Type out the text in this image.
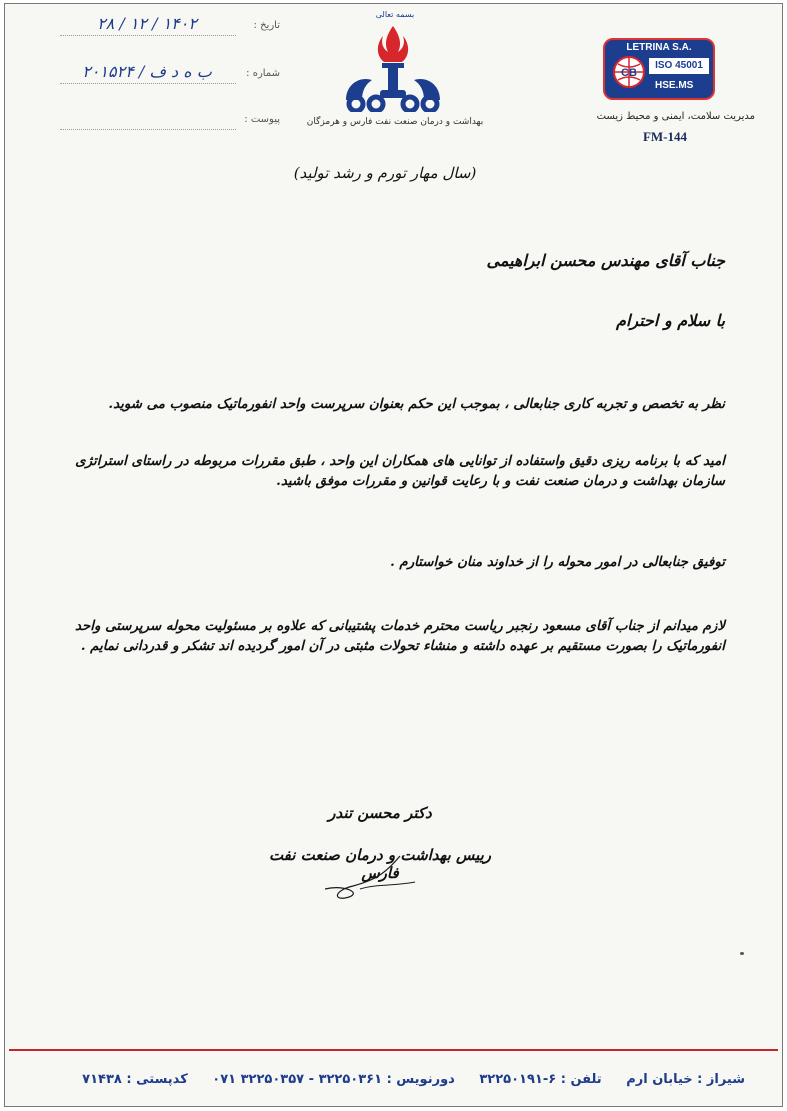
LETRINA S.A.
CB
ISO 45001
HSE.MS
مدیریت سلامت، ایمنی و محیط زیست
FM-144
بسمه تعالی
بهداشت و درمان صنعت نفت فارس و هرمزگان
تاریخ :
۱۴۰۲ / ۱۲ / ۲۸
شماره :
ب ه د ف / ۲۰۱۵۲۴
پیوست :
(سال مهار تورم و رشد تولید)
جناب آقای مهندس محسن ابراهیمی
با سلام و احترام
نظر به تخصص و تجربه کاری جنابعالی ، بموجب این حکم بعنوان سرپرست واحد انفورماتیک منصوب می شوید.
امید که با برنامه ریزی دقیق واستفاده از توانایی های همکاران این واحد ، طبق مقررات مربوطه در راستای استراتژی سازمان بهداشت و درمان صنعت نفت و با رعایت قوانین و مقررات موفق باشید.
توفیق جنابعالی در امور محوله را از خداوند منان خواستارم .
لازم میدانم از جناب آقای مسعود رنجبر ریاست محترم خدمات پشتیبانی که علاوه بر مسئولیت محوله سرپرستی واحد انفورماتیک را بصورت مستقیم بر عهده داشته و منشاء تحولات مثبتی در آن امور گردیده اند تشکر و قدردانی نمایم .
دکتر محسن تندر
رییس بهداشت و درمان صنعت نفت فارس
شیراز : خیابان ارم تلفن : ۶-۳۲۲۵۰۱۹۱ دورنویس : ۳۲۲۵۰۳۶۱ - ۳۲۲۵۰۳۵۷ ۰۷۱ کدپستی : ۷۱۴۳۸
